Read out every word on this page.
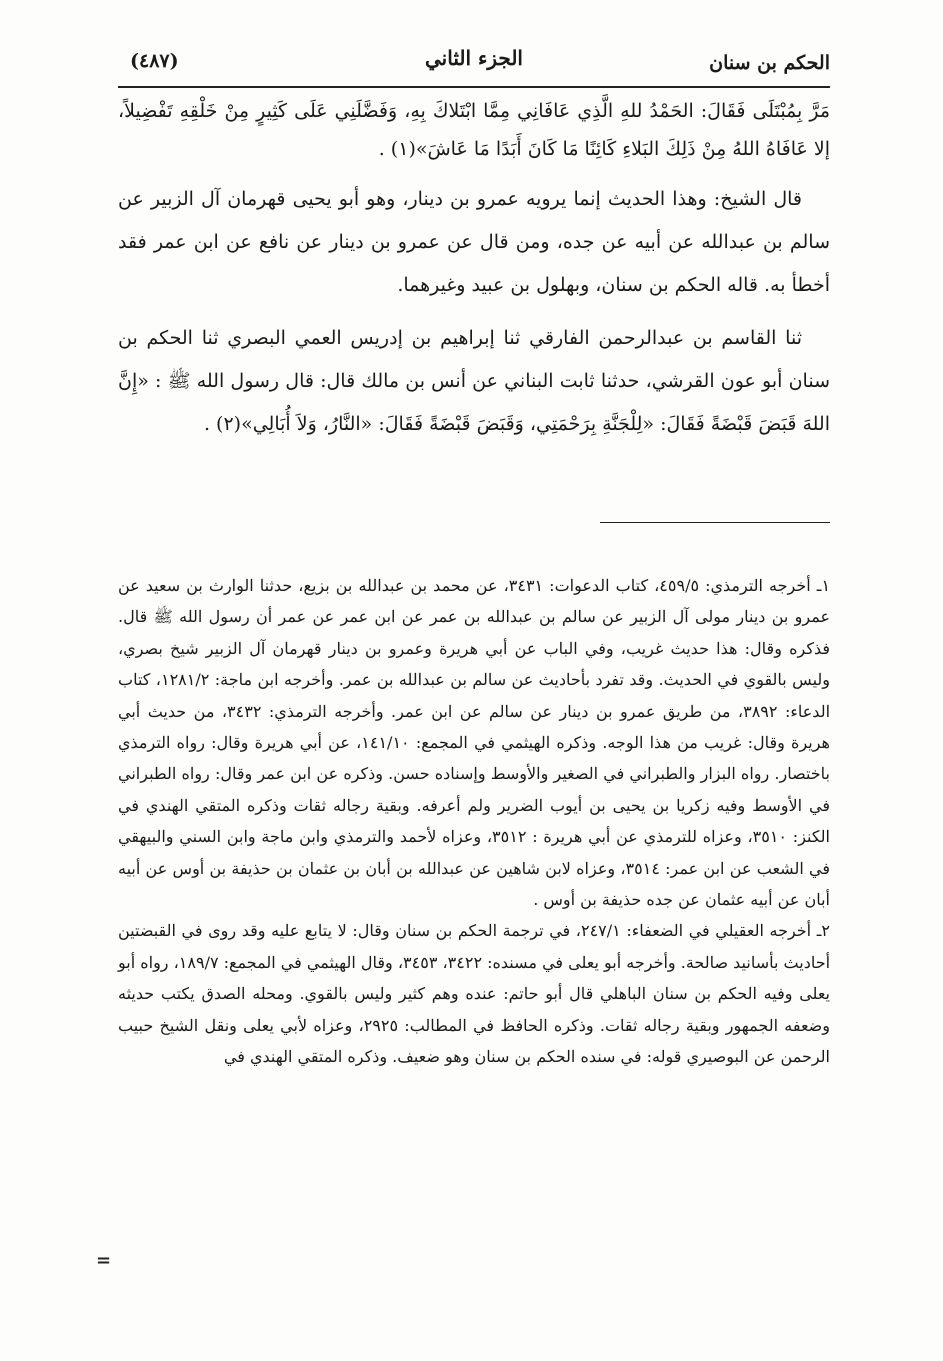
الحكم بن سنان
الجزء الثاني
(٤٨٧)

مَرَّ بِمُبْتَلَى فَقَالَ: الحَمْدُ للهِ الَّذِي عَافَانِي مِمَّا ابْتَلاكَ بِهِ، وَفَضَّلَنِي عَلَى كَثِيرٍ مِنْ خَلْقِهِ تَفْضِيلاً، إلا عَافَاهُ اللهُ مِنْ ذَلِكَ البَلاءِ كَائِنًا مَا كَانَ أَبَدًا مَا عَاشَ»(١) .

قال الشيخ: وهذا الحديث إنما يرويه عمرو بن دينار، وهو أبو يحيى قهرمان آل الزبير عن سالم بن عبدالله عن أبيه عن جده، ومن قال عن عمرو بن دينار عن نافع عن ابن عمر فقد أخطأ به. قاله الحكم بن سنان، وبهلول بن عبيد وغيرهما.

ثنا القاسم بن عبدالرحمن الفارقي ثنا إبراهيم بن إدريس العمي البصري ثنا الحكم بن سنان أبو عون القرشي، حدثنا ثابت البناني عن أنس بن مالك قال: قال رسول الله ﷺ : «إِنَّ اللهَ قَبَضَ قَبْضَةً فَقَالَ: «لِلْجَنَّةِ بِرَحْمَتِي، وَقَبَضَ قَبْضَةً فَقَالَ: «النَّارُ، وَلاَ أُبَالِي»(٢) .

١ـ أخرجه الترمذي: ٤٥٩/٥، كتاب الدعوات: ٣٤٣١، عن محمد بن عبدالله بن بزيع، حدثنا الوارث بن سعيد عن عمرو بن دينار مولى آل الزبير عن سالم بن عبدالله بن عمر عن ابن عمر عن عمر أن رسول الله ﷺ قال. فذكره وقال: هذا حديث غريب، وفي الباب عن أبي هريرة وعمرو بن دينار قهرمان آل الزبير شيخ بصري، وليس بالقوي في الحديث. وقد تفرد بأحاديث عن سالم بن عبدالله بن عمر. وأخرجه ابن ماجة: ١٢٨١/٢، كتاب الدعاء: ٣٨٩٢، من طريق عمرو بن دينار عن سالم عن ابن عمر. وأخرجه الترمذي: ٣٤٣٢، من حديث أبي هريرة وقال: غريب من هذا الوجه. وذكره الهيثمي في المجمع: ١٤١/١٠، عن أبي هريرة وقال: رواه الترمذي باختصار. رواه البزار والطبراني في الصغير والأوسط وإسناده حسن. وذكره عن ابن عمر وقال: رواه الطبراني في الأوسط وفيه زكريا بن يحيى بن أيوب الضرير ولم أعرفه. وبقية رجاله ثقات وذكره المتقي الهندي في الكنز: ٣٥١٠، وعزاه للترمذي عن أبي هريرة : ٣٥١٢، وعزاه لأحمد والترمذي وابن ماجة وابن السني والبيهقي في الشعب عن ابن عمر: ٣٥١٤، وعزاه لابن شاهين عن عبدالله بن أبان بن عثمان بن حذيفة بن أوس عن أبيه أبان عن أبيه عثمان عن جده حذيفة بن أوس .

٢ـ أخرجه العقيلي في الضعفاء: ٢٤٧/١، في ترجمة الحكم بن سنان وقال: لا يتابع عليه وقد روى في القبضتين أحاديث بأسانيد صالحة. وأخرجه أبو يعلى في مسنده: ٣٤٢٢، ٣٤٥٣، وقال الهيثمي في المجمع: ١٨٩/٧، رواه أبو يعلى وفيه الحكم بن سنان الباهلي قال أبو حاتم: عنده وهم كثير وليس بالقوي. ومحله الصدق يكتب حديثه وضعفه الجمهور وبقية رجاله ثقات. وذكره الحافظ في المطالب: ٢٩٢٥، وعزاه لأبي يعلى ونقل الشيخ حبيب الرحمن عن البوصيري قوله: في سنده الحكم بن سنان وهو ضعيف. وذكره المتقي الهندي في

=
